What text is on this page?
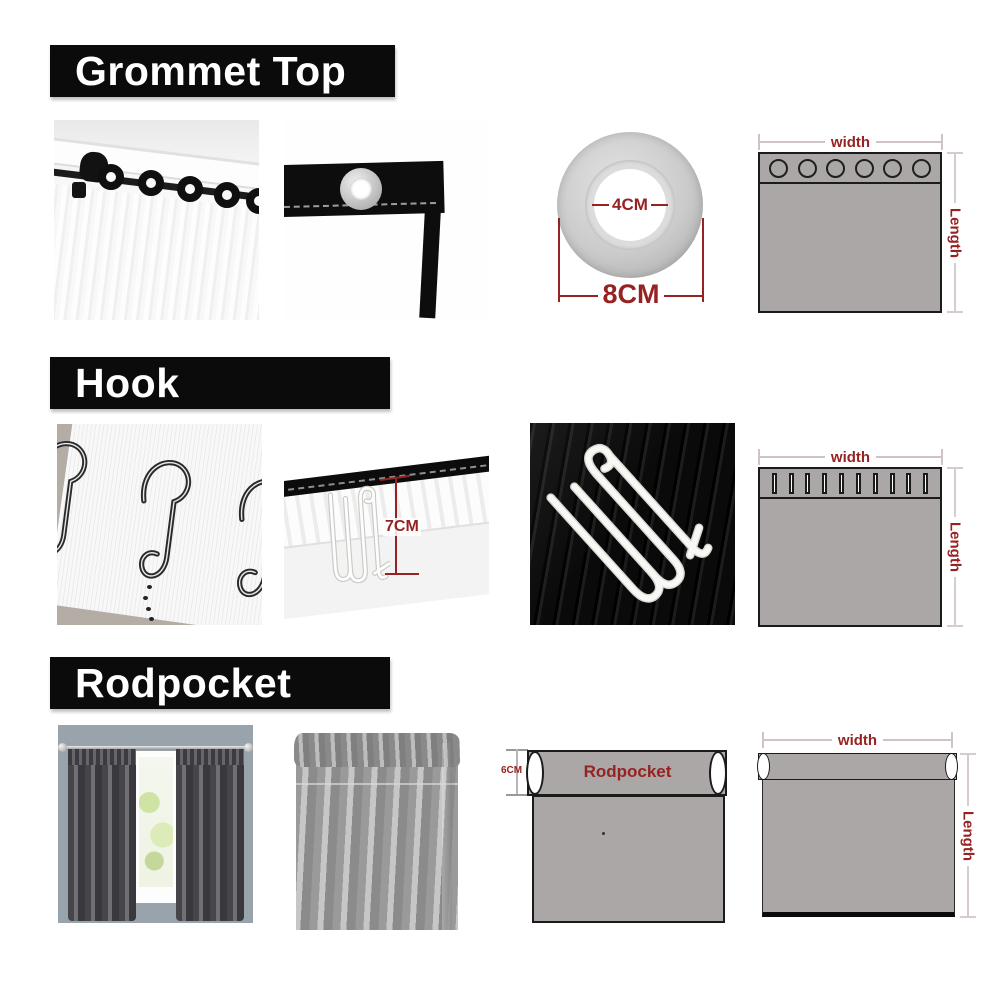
Grommet Top
4CM
8CM
width
Length
Hook
7CM
width
Length
Rodpocket
6CM	Rodpocket
width
Length
